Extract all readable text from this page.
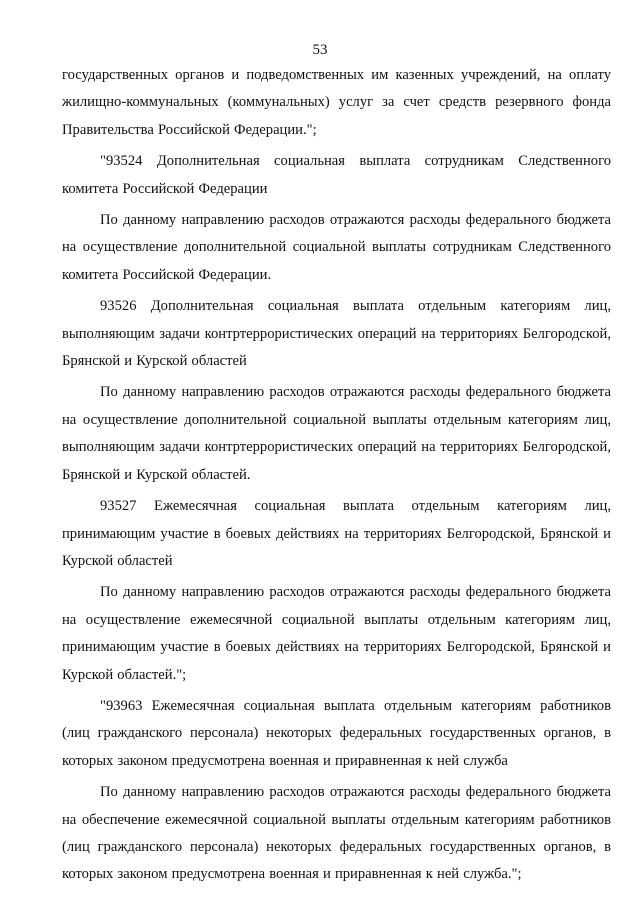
53

государственных органов и подведомственных им казенных учреждений, на оплату жилищно-коммунальных (коммунальных) услуг за счет средств резервного фонда Правительства Российской Федерации.";

"93524 Дополнительная социальная выплата сотрудникам Следственного комитета Российской Федерации

По данному направлению расходов отражаются расходы федерального бюджета на осуществление дополнительной социальной выплаты сотрудникам Следственного комитета Российской Федерации.

93526 Дополнительная социальная выплата отдельным категориям лиц, выполняющим задачи контртеррористических операций на территориях Белгородской, Брянской и Курской областей

По данному направлению расходов отражаются расходы федерального бюджета на осуществление дополнительной социальной выплаты отдельным категориям лиц, выполняющим задачи контртеррористических операций на территориях Белгородской, Брянской и Курской областей.

93527 Ежемесячная социальная выплата отдельным категориям лиц, принимающим участие в боевых действиях на территориях Белгородской, Брянской и Курской областей

По данному направлению расходов отражаются расходы федерального бюджета на осуществление ежемесячной социальной выплаты отдельным категориям лиц, принимающим участие в боевых действиях на территориях Белгородской, Брянской и Курской областей.";

"93963 Ежемесячная социальная выплата отдельным категориям работников (лиц гражданского персонала) некоторых федеральных государственных органов, в которых законом предусмотрена военная и приравненная к ней служба

По данному направлению расходов отражаются расходы федерального бюджета на обеспечение ежемесячной социальной выплаты отдельным категориям работников (лиц гражданского персонала) некоторых федеральных государственных органов, в которых законом предусмотрена военная и приравненная к ней служба.";
